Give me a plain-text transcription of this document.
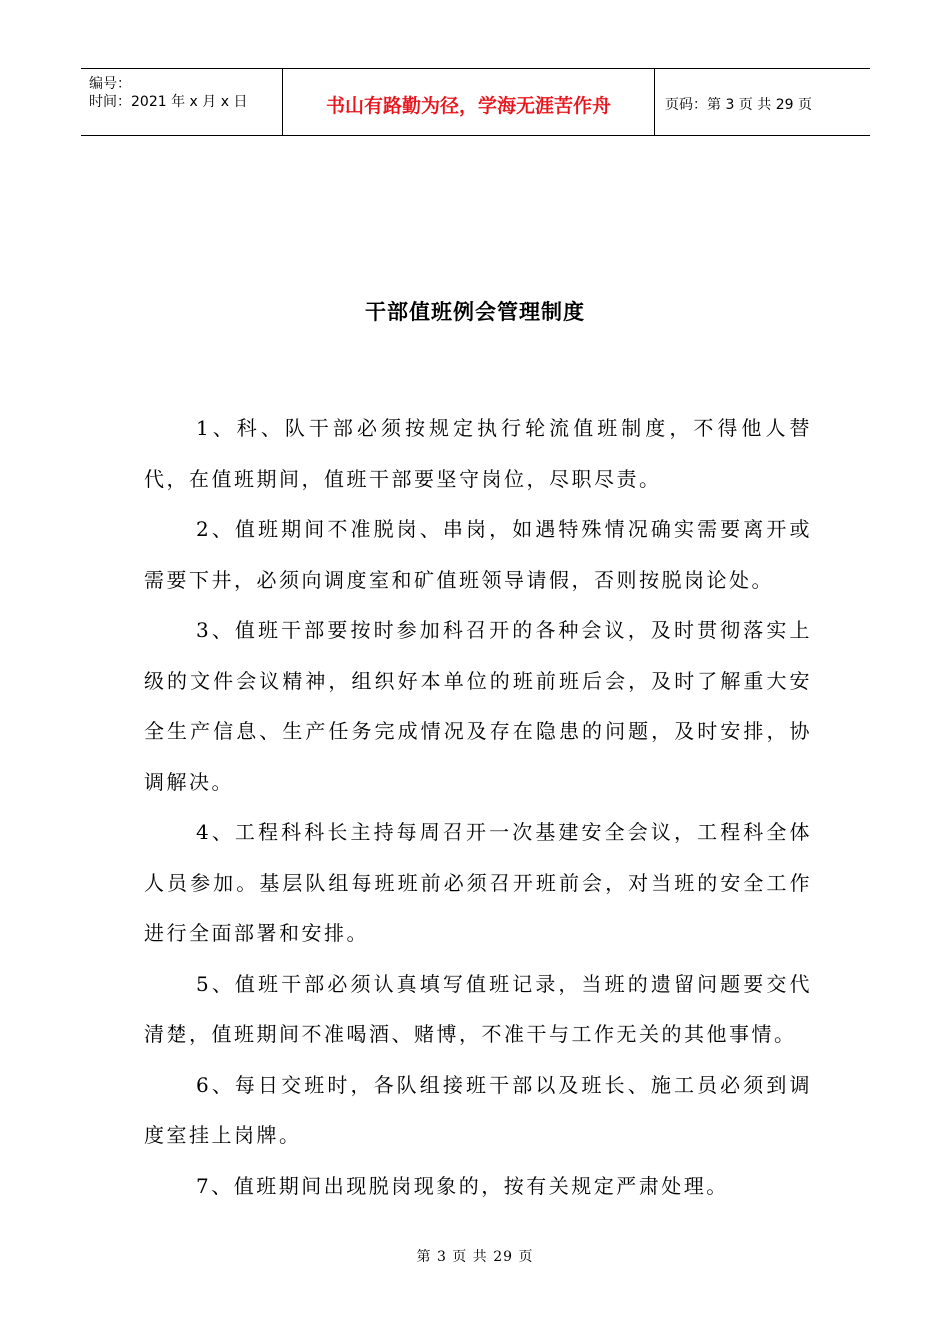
编号：
时间：2021 年 x 月 x 日	书山有路勤为径，学海无涯苦作舟	页码：第 3 页 共 29 页
干部值班例会管理制度

1、科、队干部必须按规定执行轮流值班制度，不得他人替代，在值班期间，值班干部要坚守岗位，尽职尽责。

2、值班期间不准脱岗、串岗，如遇特殊情况确实需要离开或需要下井，必须向调度室和矿值班领导请假，否则按脱岗论处。

3、值班干部要按时参加科召开的各种会议，及时贯彻落实上级的文件会议精神，组织好本单位的班前班后会，及时了解重大安全生产信息、生产任务完成情况及存在隐患的问题，及时安排，协调解决。

4、工程科科长主持每周召开一次基建安全会议，工程科全体人员参加。基层队组每班班前必须召开班前会，对当班的安全工作进行全面部署和安排。

5、值班干部必须认真填写值班记录，当班的遗留问题要交代清楚，值班期间不准喝酒、赌博，不准干与工作无关的其他事情。

6、每日交班时，各队组接班干部以及班长、施工员必须到调度室挂上岗牌。

7、值班期间出现脱岗现象的，按有关规定严肃处理。

第 3 页 共 29 页
